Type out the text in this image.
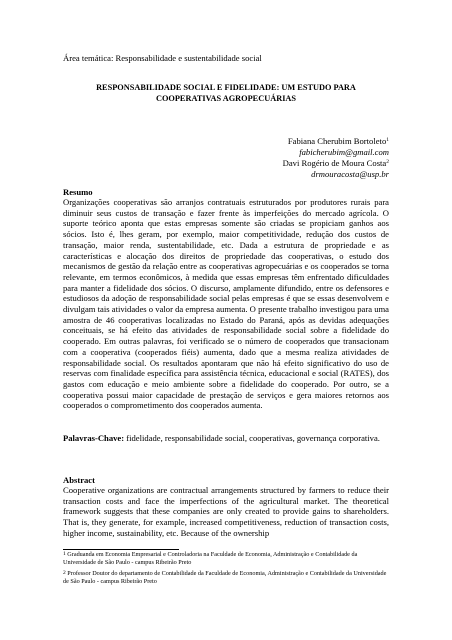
Área temática: Responsabilidade e sustentabilidade social
RESPONSABILIDADE SOCIAL E FIDELIDADE: UM ESTUDO PARA
COOPERATIVAS AGROPECUÁRIAS
Fabiana Cherubim Bortoleto$^1$
fabicherubim@gmail.com
Davi Rogério de Moura Costa$^2$
drmouracosta@usp.br
Resumo
Organizações cooperativas são arranjos contratuais estruturados por produtores rurais para diminuir seus custos de transação e fazer frente às imperfeições do mercado agrícola. O suporte teórico aponta que estas empresas somente são criadas se propiciam ganhos aos sócios. Isto é, lhes geram, por exemplo, maior competitividade, redução dos custos de transação, maior renda, sustentabilidade, etc. Dada a estrutura de propriedade e as características e alocação dos direitos de propriedade das cooperativas, o estudo dos mecanismos de gestão da relação entre as cooperativas agropecuárias e os cooperados se torna relevante, em termos econômicos, à medida que essas empresas têm enfrentado dificuldades para manter a fidelidade dos sócios. O discurso, amplamente difundido, entre os defensores e estudiosos da adoção de responsabilidade social pelas empresas é que se essas desenvolvem e divulgam tais atividades o valor da empresa aumenta. O presente trabalho investigou para uma amostra de 46 cooperativas localizadas no Estado do Paraná, após as devidas adequações conceituais, se há efeito das atividades de responsabilidade social sobre a fidelidade do cooperado. Em outras palavras, foi verificado se o número de cooperados que transacionam com a cooperativa (cooperados fiéis) aumenta, dado que a mesma realiza atividades de responsabilidade social. Os resultados apontaram que não há efeito significativo do uso de reservas com finalidade específica para assistência técnica, educacional e social (RATES), dos gastos com educação e meio ambiente sobre a fidelidade do cooperado. Por outro, se a cooperativa possui maior capacidade de prestação de serviços e gera maiores retornos aos cooperados o comprometimento dos cooperados aumenta.
Palavras-Chave: fidelidade, responsabilidade social, cooperativas, governança corporativa.
Abstract
Cooperative organizations are contractual arrangements structured by farmers to reduce their transaction costs and face the imperfections of the agricultural market. The theoretical framework suggests that these companies are only created to provide gains to shareholders. That is, they generate, for example, increased competitiveness, reduction of transaction costs, higher income, sustainability, etc. Because of the ownership
$^1$ Graduanda em Economia Empresarial e Controladoria na Faculdade de Economia, Administração e Contabilidade da Universidade de São Paulo - campus Ribeirão Preto
$^2$ Professor Doutor do departamento de Contabilidade da Faculdade de Economia, Administração e Contabilidade da Universidade de São Paulo - campus Ribeirão Preto
